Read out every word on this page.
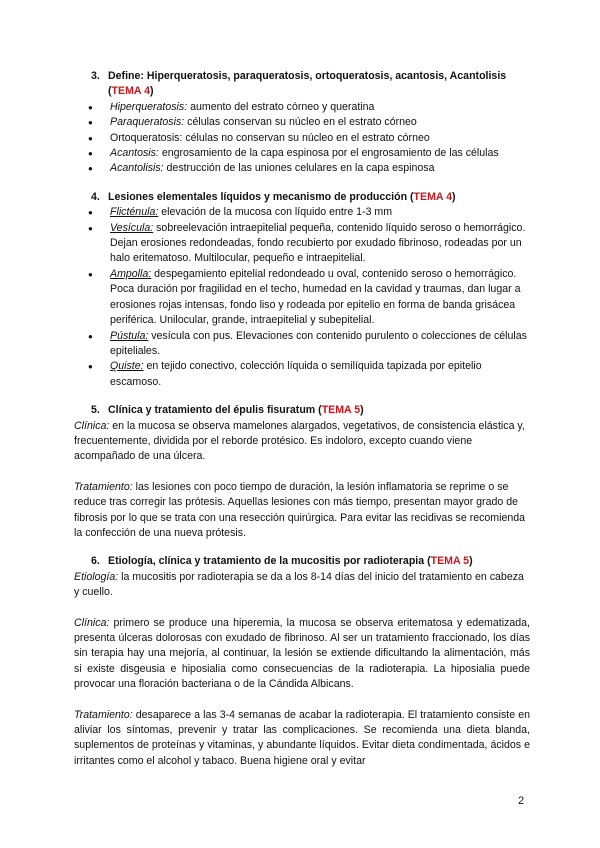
3. Define: Hiperqueratosis, paraqueratosis, ortoqueratosis, acantosis, Acantolisis (TEMA 4)
● Hiperqueratosis: aumento del estrato córneo y queratina
● Paraqueratosis: células conservan su núcleo en el estrato córneo
● Ortoqueratosis: células no conservan su núcleo en el estrato córneo
● Acantosis: engrosamiento de la capa espinosa por el engrosamiento de las células
● Acantolisis: destrucción de las uniones celulares en la capa espinosa
4. Lesiones elementales líquidos y mecanismo de producción (TEMA 4)
● Flicténula: elevación de la mucosa con líquido entre 1-3 mm
● Vesícula: sobreelevación intraepitelial pequeña, contenido líquido seroso o hemorrágico. Dejan erosiones redondeadas, fondo recubierto por exudado fibrinoso, rodeadas por un halo eritematoso. Multilocular, pequeño e intraepitelial.
● Ampolla: despegamiento epitelial redondeado u oval, contenido seroso o hemorrágico. Poca duración por fragilidad en el techo, humedad en la cavidad y traumas, dan lugar a erosiones rojas intensas, fondo liso y rodeada por epitelio en forma de banda grisácea periférica. Unilocular, grande, intraepitelial y subepitelial.
● Pústula: vesícula con pus. Elevaciones con contenido purulento o colecciones de células epiteliales.
● Quiste: en tejido conectivo, colección líquida o semilíquida tapizada por epitelio escamoso.
5. Clínica y tratamiento del épulis fisuratum (TEMA 5)

Clínica: en la mucosa se observa mamelones alargados, vegetativos, de consistencia elástica y, frecuentemente, dividida por el reborde protésico. Es indoloro, excepto cuando viene acompañado de una úlcera.

Tratamiento: las lesiones con poco tiempo de duración, la lesión inflamatoria se reprime o se reduce tras corregir las prótesis. Aquellas lesiones con más tiempo, presentan mayor grado de fibrosis por lo que se trata con una resección quirúrgica. Para evitar las recidivas se recomienda la confección de una nueva prótesis.

6. Etiología, clínica y tratamiento de la mucositis por radioterapia (TEMA 5)

Etiología: la mucositis por radioterapia se da a los 8-14 días del inicio del tratamiento en cabeza y cuello.

Clínica: primero se produce una hiperemia, la mucosa se observa eritematosa y edematizada, presenta úlceras dolorosas con exudado de fibrinoso. Al ser un tratamiento fraccionado, los días sin terapia hay una mejoría, al continuar, la lesión se extiende dificultando la alimentación, más si existe disgeusia e hiposialia como consecuencias de la radioterapia. La hiposialia puede provocar una floración bacteriana o de la Cándida Albicans.

Tratamiento: desaparece a las 3-4 semanas de acabar la radioterapia. El tratamiento consiste en aliviar los síntomas, prevenir y tratar las complicaciones. Se recomienda una dieta blanda, suplementos de proteínas y vitaminas, y abundante líquidos. Evitar dieta condimentada, ácidos e irritantes como el alcohol y tabaco. Buena higiene oral y evitar

2
